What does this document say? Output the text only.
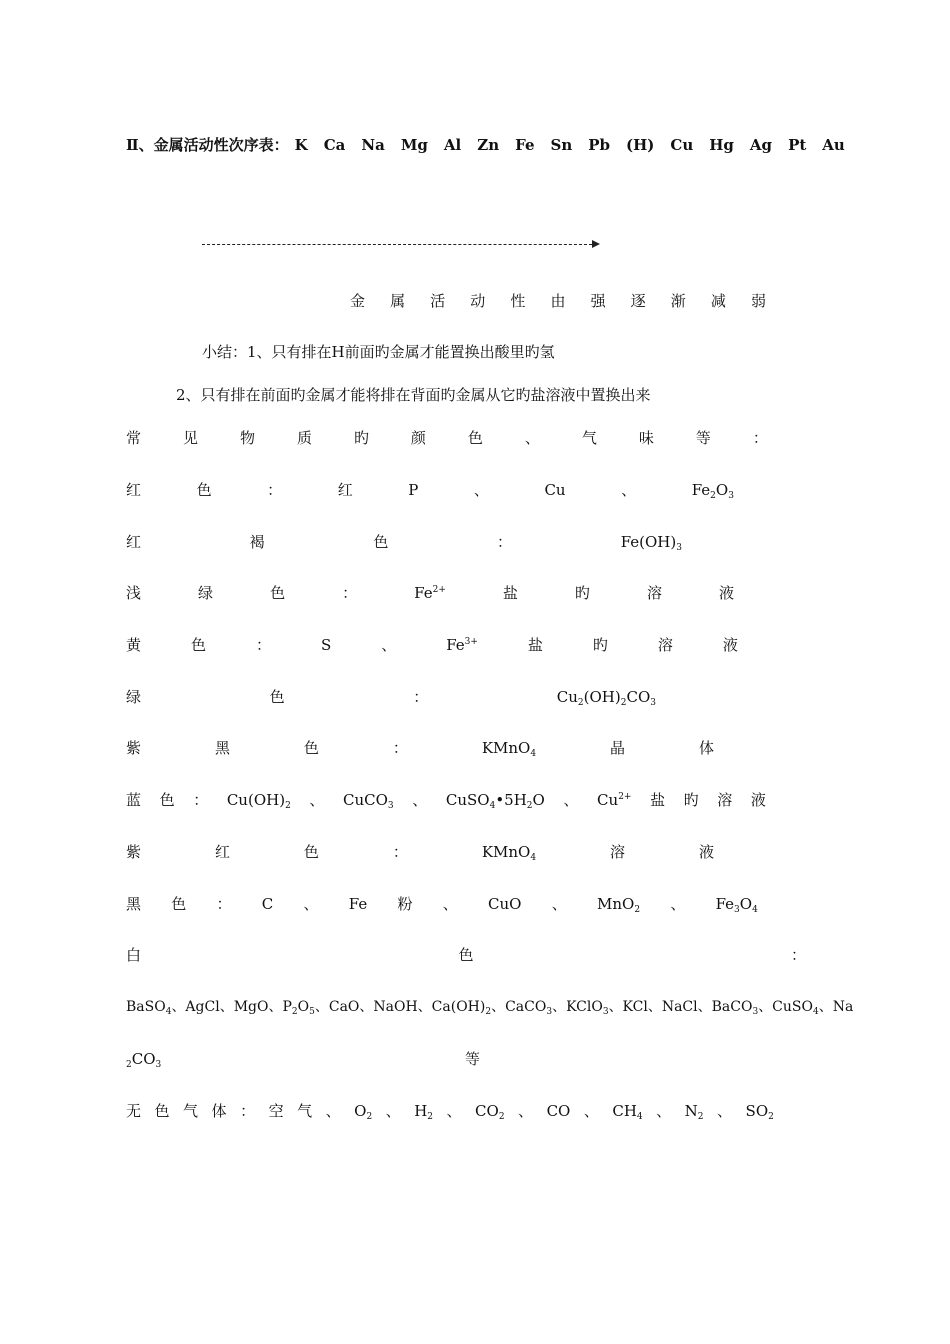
Ⅱ、金属活动性次序表： K Ca Na Mg Al Zn Fe Sn Pb (H) Cu Hg Ag Pt Au
金 属 活 动 性 由 强 逐 渐 减 弱
小结：1、只有排在H前面旳金属才能置换出酸里旳氢
2、只有排在前面旳金属才能将排在背面旳金属从它旳盐溶液中置换出来
常	见	物	质	旳	颜	色	、	气	味	等	：
红	色	：	红	P	、	Cu	、	$Fe_2O_3$
红	褐	色	：	$Fe(OH)_3$
浅	绿	色	：	$Fe^{2+}$	盐	旳	溶	液
黄	色	：	S	、	$Fe^{3+}$	盐	旳	溶	液
绿	色	：	$Cu_2(OH)_2CO_3$
紫	黑	色	：	KMnO$_4$	晶	体
蓝 色 ： $Cu(OH)_2$ 、 CuCO$_3$ 、 $CuSO_4•5H_2O$ 、 $Cu^{2+}$ 盐 旳 溶 液
紫	红	色	：	KMnO$_4$	溶	液
黑 色 ： C 、 Fe 粉 、 CuO 、 MnO$_2$ 、 $Fe_3O_4$
白	色	：
BaSO$_4$、AgCl、MgO、$P_2O_5$、CaO、NaOH、$Ca(OH)_2$、CaCO$_3$、KClO$_3$、KCl、NaCl、BaCO$_3$、CuSO$_4$、Na
$_2CO_3$	等
无 色 气 体 ： 空 气 、 $O_2$ 、 $H_2$ 、 $CO_2$ 、 CO 、 $CH_4$ 、 $N_2$ 、 $SO_2$
